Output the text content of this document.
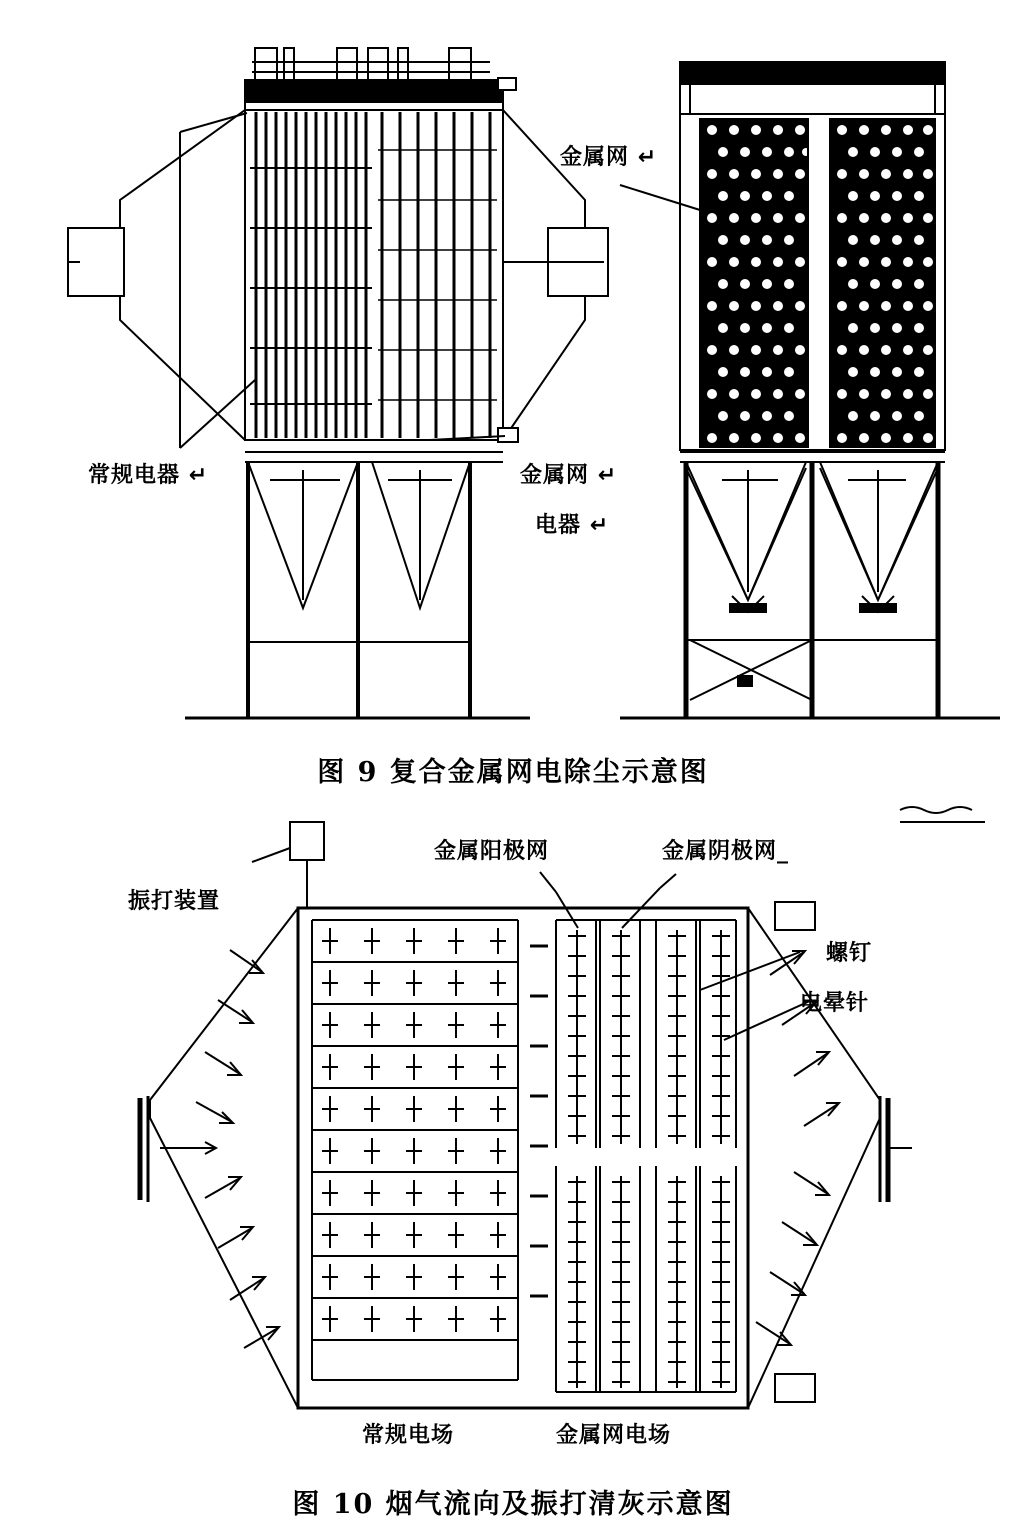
金属网 ↵
常规电器 ↵	金属网 ↵
电器 ↵
图 9 复合金属网电除尘示意图
振打装置
金属阳极网	金属阴极网_
螺钉
电晕针
常规电场	金属网电场
图 10 烟气流向及振打清灰示意图
